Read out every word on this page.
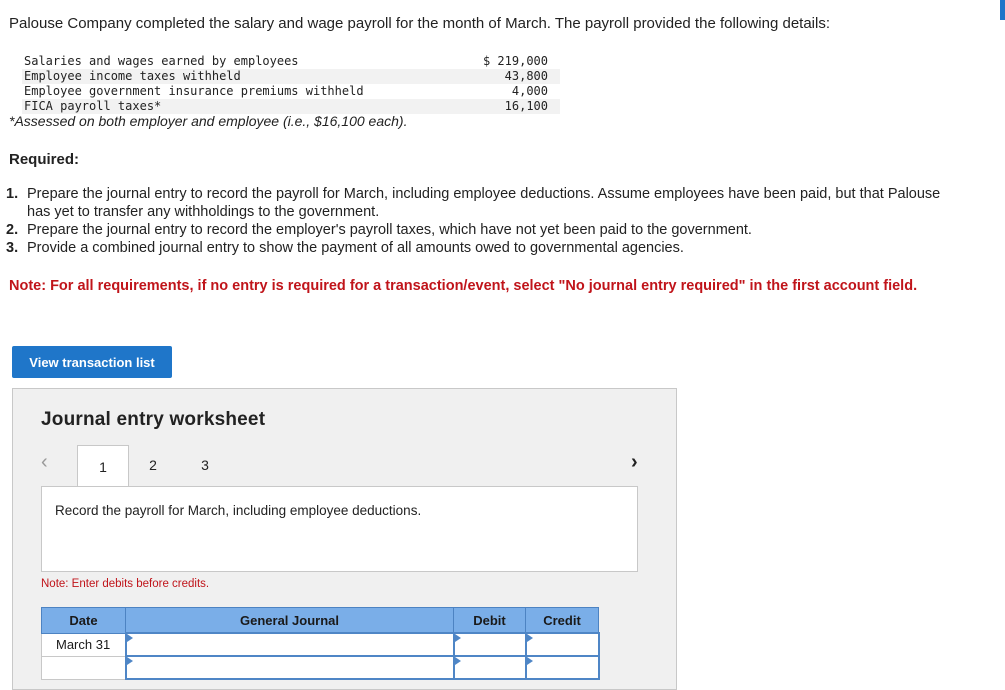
Palouse Company completed the salary and wage payroll for the month of March. The payroll provided the following details:
Salaries and wages earned by employees	$ 219,000
Employee income taxes withheld	43,800
Employee government insurance premiums withheld	4,000
FICA payroll taxes*	16,100
*Assessed on both employer and employee (i.e., $16,100 each).
Required:
1. Prepare the journal entry to record the payroll for March, including employee deductions. Assume employees have been paid, but that Palouse has yet to transfer any withholdings to the government.
2. Prepare the journal entry to record the employer's payroll taxes, which have not yet been paid to the government.
3. Provide a combined journal entry to show the payment of all amounts owed to governmental agencies.
Note: For all requirements, if no entry is required for a transaction/event, select "No journal entry required" in the first account field.
View transaction list
Journal entry worksheet
‹	1	2	3	›
Record the payroll for March, including employee deductions.
Note: Enter debits before credits.
Date	General Journal	Debit	Credit
March 31	
